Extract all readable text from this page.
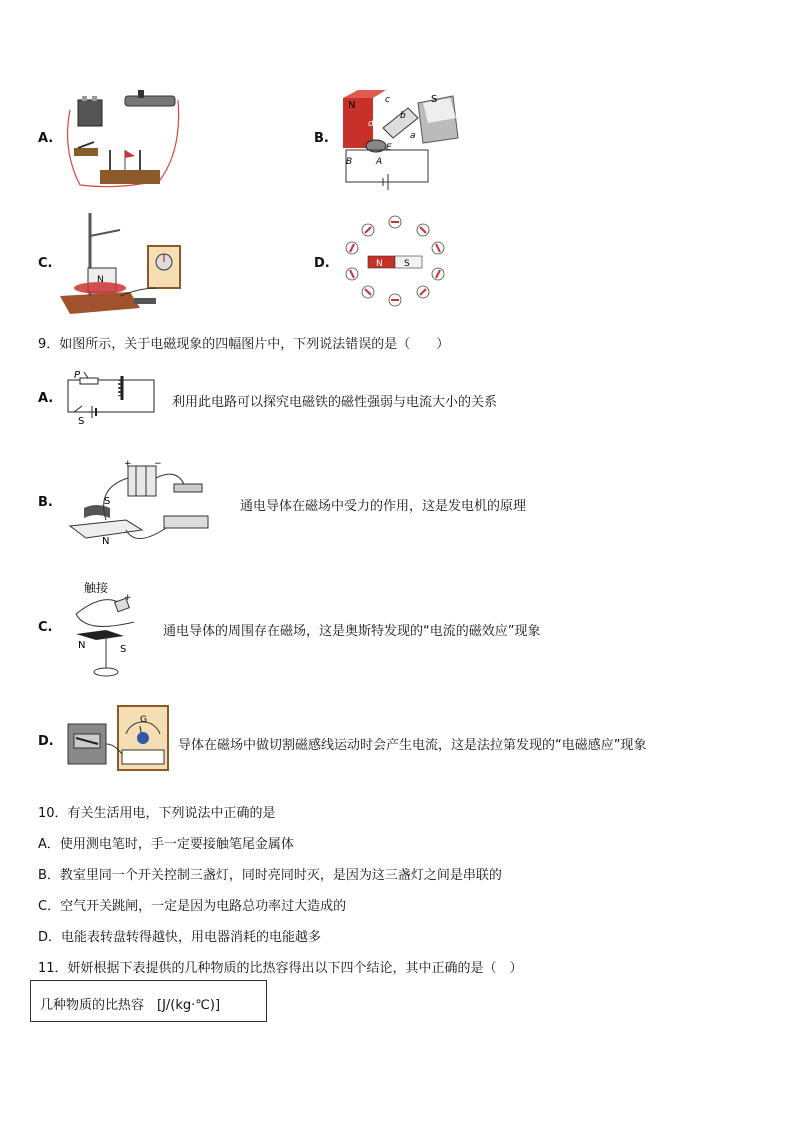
A.	B.
N
S
c
d
b
a
B	A
E
C.
N
D.	N S
9．如图所示，关于电磁现象的四幅图片中，下列说法错误的是（　　）
A.
P
S
利用此电路可以探究电磁铁的磁性强弱与电流大小的关系
B.
+ −
S
N
通电导体在磁场中受力的作用，这是发电机的原理
C.
触接
+
N	S
通电导体的周围存在磁场，这是奥斯特发现的“电流的磁效应”现象
D.
G
导体在磁场中做切割磁感线运动时会产生电流，这是法拉第发现的“电磁感应”现象
10．有关生活用电，下列说法中正确的是
A．使用测电笔时，手一定要接触笔尾金属体
B．教室里同一个开关控制三盏灯，同时亮同时灭，是因为这三盏灯之间是串联的
C．空气开关跳闸，一定是因为电路总功率过大造成的
D．电能表转盘转得越快，用电器消耗的电能越多
11．妍妍根据下表提供的几种物质的比热容得出以下四个结论，其中正确的是（　）
几种物质的比热容　[J/(kg·℃)]
